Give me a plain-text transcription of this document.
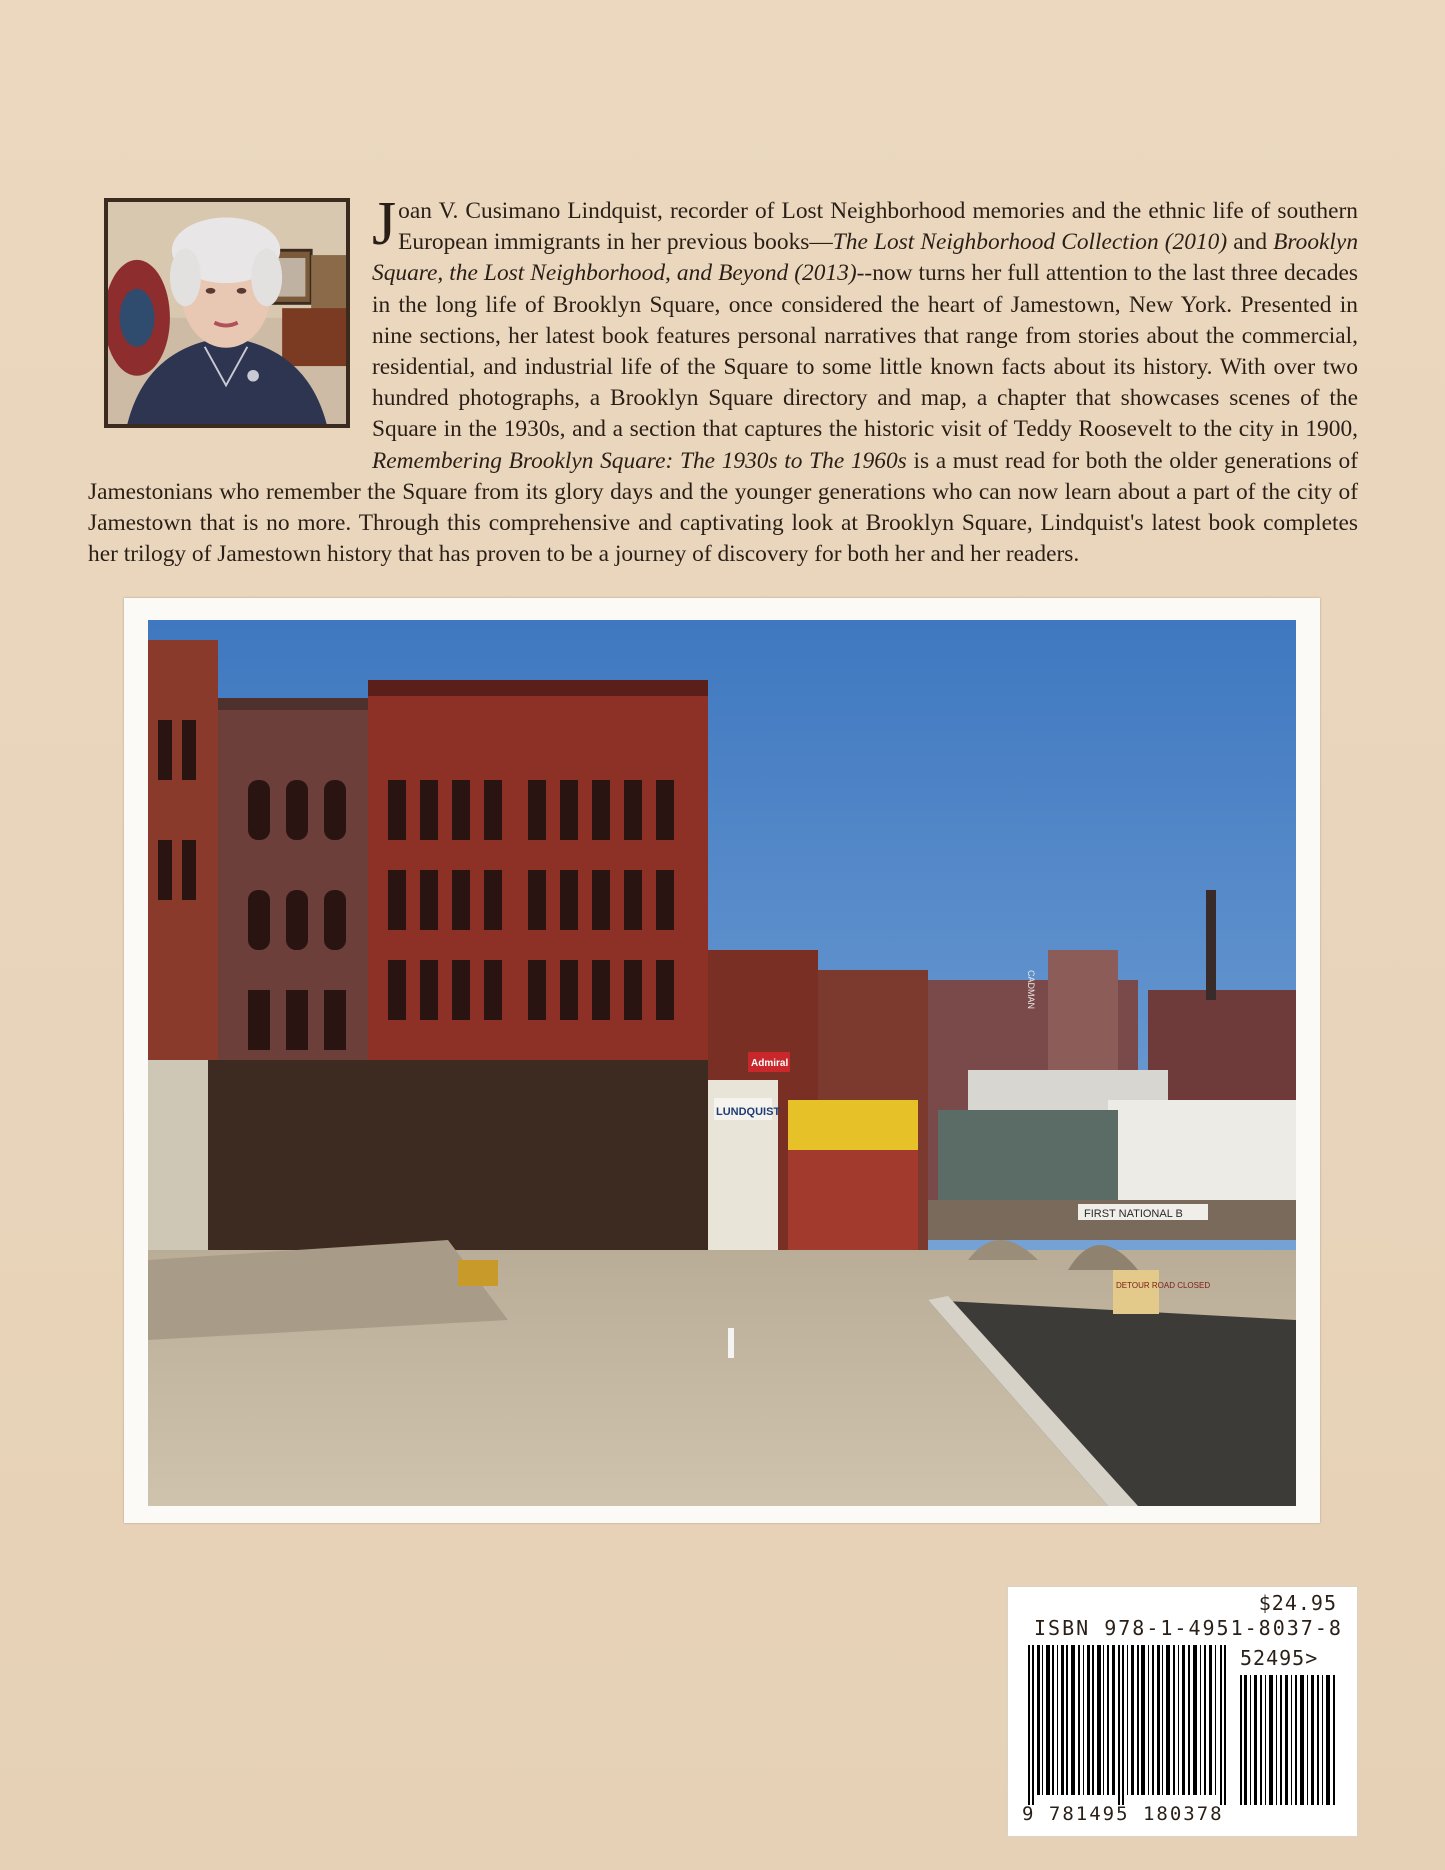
Joan V. Cusimano Lindquist, recorder of Lost Neighborhood memories and the ethnic life of southern European immigrants in her previous books—The Lost Neighborhood Collection (2010) and Brooklyn Square, the Lost Neighborhood, and Beyond (2013)--now turns her full attention to the last three decades in the long life of Brooklyn Square, once considered the heart of Jamestown, New York. Presented in nine sections, her latest book features personal narratives that range from stories about the commercial, residential, and industrial life of the Square to some little known facts about its history. With over two hundred photographs, a Brooklyn Square directory and map, a chapter that showcases scenes of the Square in the 1930s, and a section that captures the historic visit of Teddy Roosevelt to the city in 1900, Remembering Brooklyn Square: The 1930s to The 1960s is a must read for both the older generations of Jamestonians who remember the Square from its glory days and the younger generations who can now learn about a part of the city of Jamestown that is no more. Through this comprehensive and captivating look at Brooklyn Square, Lindquist's latest book completes her trilogy of Jamestown history that has proven to be a journey of discovery for both her and her readers.
FIRST NATIONAL B
LUNDQUIST
Admiral
DETOUR ROAD CLOSED
CADMAN
$24.95
ISBN 978-1-4951-8037-8
52495>
9 781495 180378
